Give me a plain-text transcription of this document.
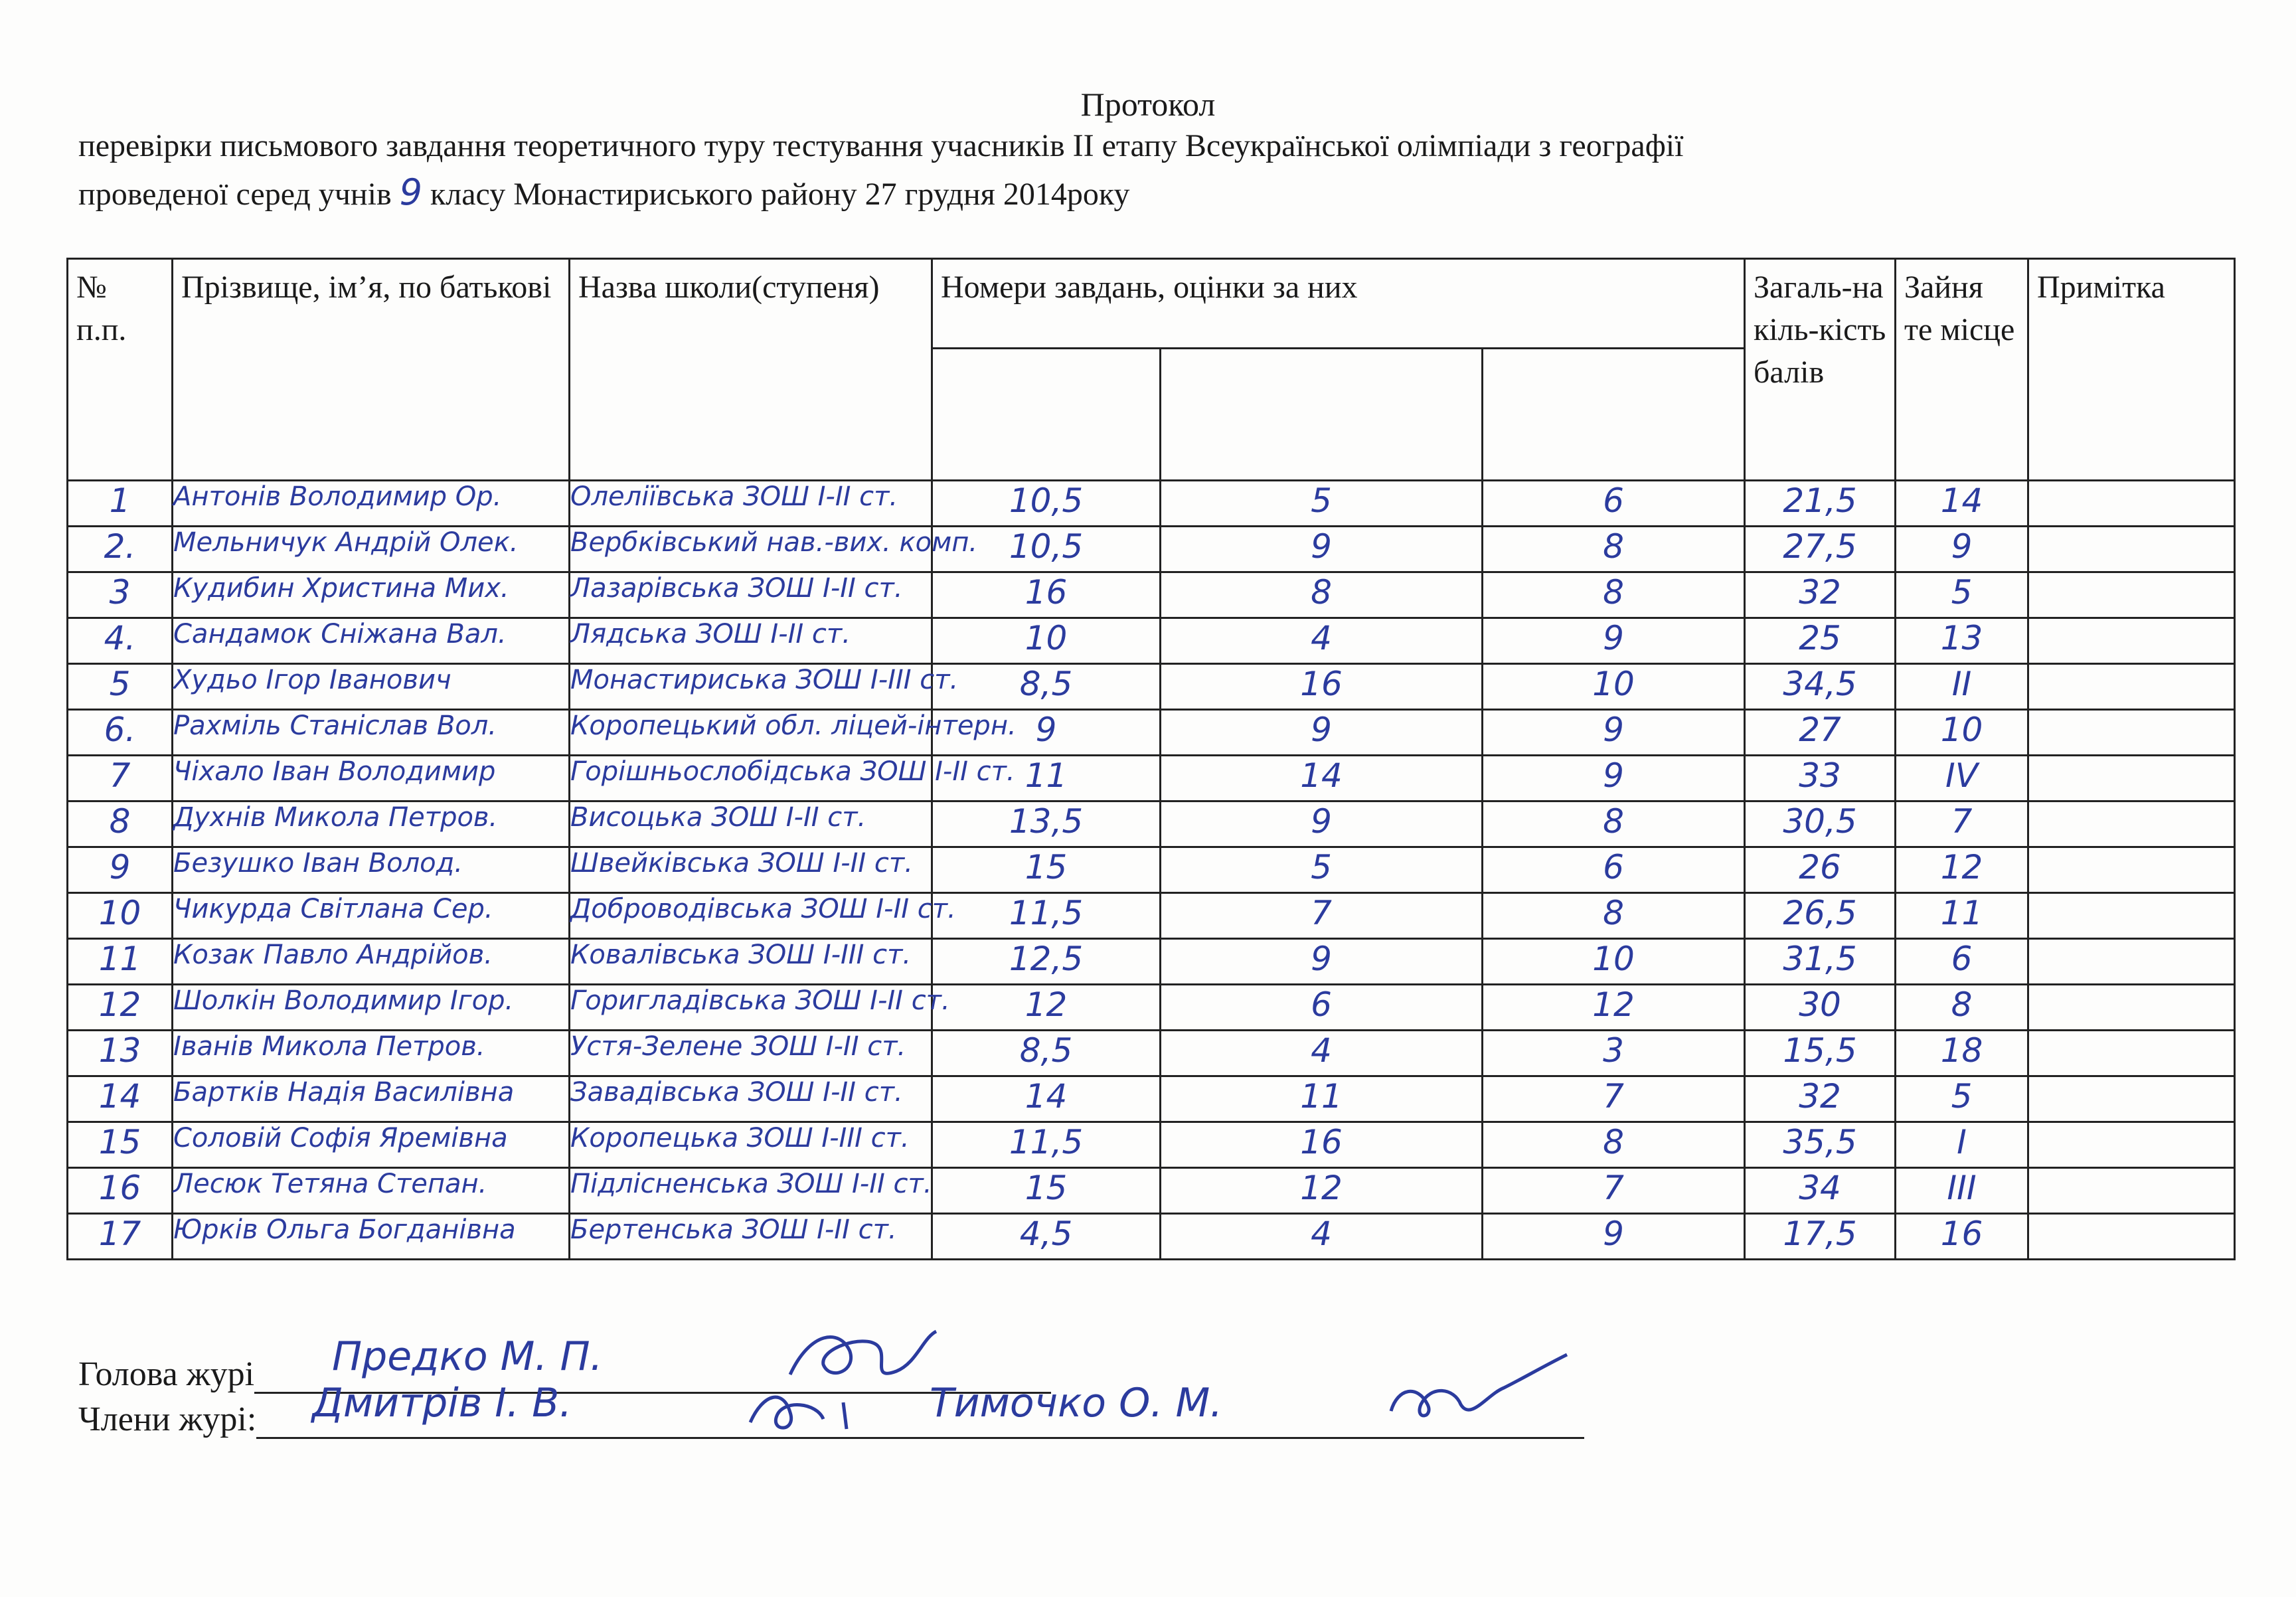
Протокол
перевірки письмового завдання теоретичного туру тестування учасників ІІ етапу Всеукраїнської олімпіади з географії
проведеної серед учнів 9 класу Монастириського району 27 грудня 2014року
№ п.п.	Прізвище, ім’я, по батькові	Назва школи(ступеня)	Номери завдань, оцінки за них			Загаль-на кіль-кість балів	Зайня те місце	Примітка

1	Антонів Володимир Ор.	Олеліївська ЗОШ І-ІІ ст.	10,5	5	6	21,5	14	
2.	Мельничук Андрій Олек.	Вербківський нав.-вих. комп.	10,5	9	8	27,5	9	
3	Кудибин Христина Мих.	Лазарівська ЗОШ І-ІІ ст.	16	8	8	32	5	
4.	Сандамок Сніжана Вал.	Лядська ЗОШ І-ІІ ст.	10	4	9	25	13	
5	Худьо Ігор Іванович	Монастириська ЗОШ І-ІІІ ст.	8,5	16	10	34,5	ІІ	
6.	Рахміль Станіслав Вол.	Коропецький обл. ліцей-інтерн.	9	9	9	27	10	
7	Чіхало Іван Володимир	Горішньослобідська ЗОШ І-ІІ ст.	11	14	9	33	ІV	
8	Духнів Микола Петров.	Висоцька ЗОШ І-ІІ ст.	13,5	9	8	30,5	7	
9	Безушко Іван Волод.	Швейківська ЗОШ І-ІІ ст.	15	5	6	26	12	
10	Чикурда Світлана Сер.	Доброводівська ЗОШ І-ІІ ст.	11,5	7	8	26,5	11	
11	Козак Павло Андрійов.	Ковалівська ЗОШ І-ІІІ ст.	12,5	9	10	31,5	6	
12	Шолкін Володимир Ігор.	Горигладівська ЗОШ І-ІІ ст.	12	6	12	30	8	
13	Іванів Микола Петров.	Устя-Зелене ЗОШ І-ІІ ст.	8,5	4	3	15,5	18	
14	Бартків Надія Василівна	Завадівська ЗОШ І-ІІ ст.	14	11	7	32	5	
15	Соловій Софія Яремівна	Коропецька ЗОШ І-ІІІ ст.	11,5	16	8	35,5	І	
16	Лесюк Тетяна Степан.	Підлісненська ЗОШ І-ІІ ст.	15	12	7	34	ІІІ	
17	Юрків Ольга Богданівна	Бертенська ЗОШ І-ІІ ст.	4,5	4	9	17,5	16	
Голова журі
Члени журі:
Предко М. П.
Дмитрів І. В.	Тимочко О. М.
